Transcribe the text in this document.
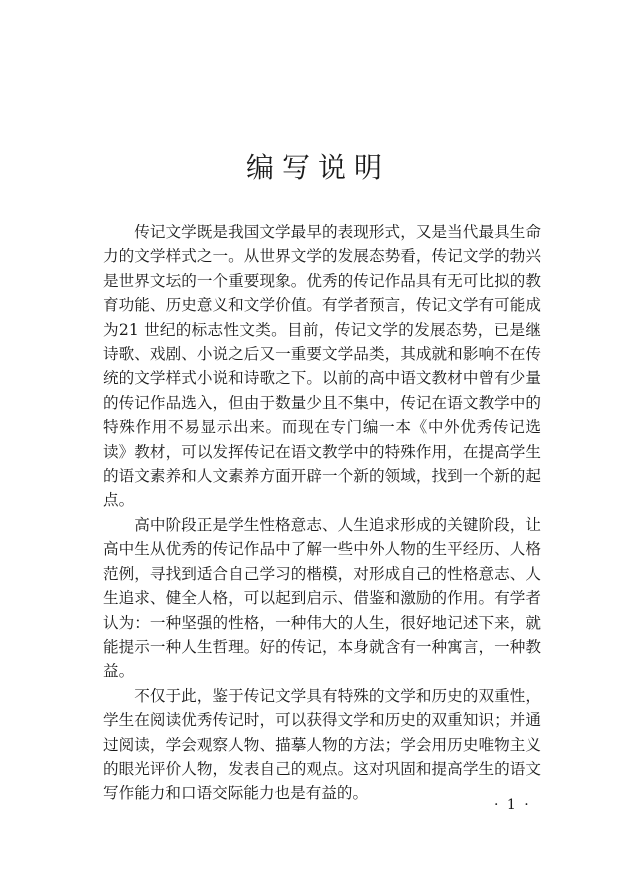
编写说明

传记文学既是我国文学最早的表现形式，又是当代最具生命力的文学样式之一。从世界文学的发展态势看，传记文学的勃兴是世界文坛的一个重要现象。优秀的传记作品具有无可比拟的教育功能、历史意义和文学价值。有学者预言，传记文学有可能成为21 世纪的标志性文类。目前，传记文学的发展态势，已是继诗歌、戏剧、小说之后又一重要文学品类，其成就和影响不在传统的文学样式小说和诗歌之下。以前的高中语文教材中曾有少量的传记作品选入，但由于数量少且不集中，传记在语文教学中的特殊作用不易显示出来。而现在专门编一本《中外优秀传记选读》教材，可以发挥传记在语文教学中的特殊作用，在提高学生的语文素养和人文素养方面开辟一个新的领域，找到一个新的起点。

高中阶段正是学生性格意志、人生追求形成的关键阶段，让高中生从优秀的传记作品中了解一些中外人物的生平经历、人格范例，寻找到适合自己学习的楷模，对形成自己的性格意志、人生追求、健全人格，可以起到启示、借鉴和激励的作用。有学者认为：一种坚强的性格，一种伟大的人生，很好地记述下来，就能提示一种人生哲理。好的传记，本身就含有一种寓言，一种教益。

不仅于此，鉴于传记文学具有特殊的文学和历史的双重性，学生在阅读优秀传记时，可以获得文学和历史的双重知识；并通过阅读，学会观察人物、描摹人物的方法；学会用历史唯物主义的眼光评价人物，发表自己的观点。这对巩固和提高学生的语文写作能力和口语交际能力也是有益的。

· 1 ·
